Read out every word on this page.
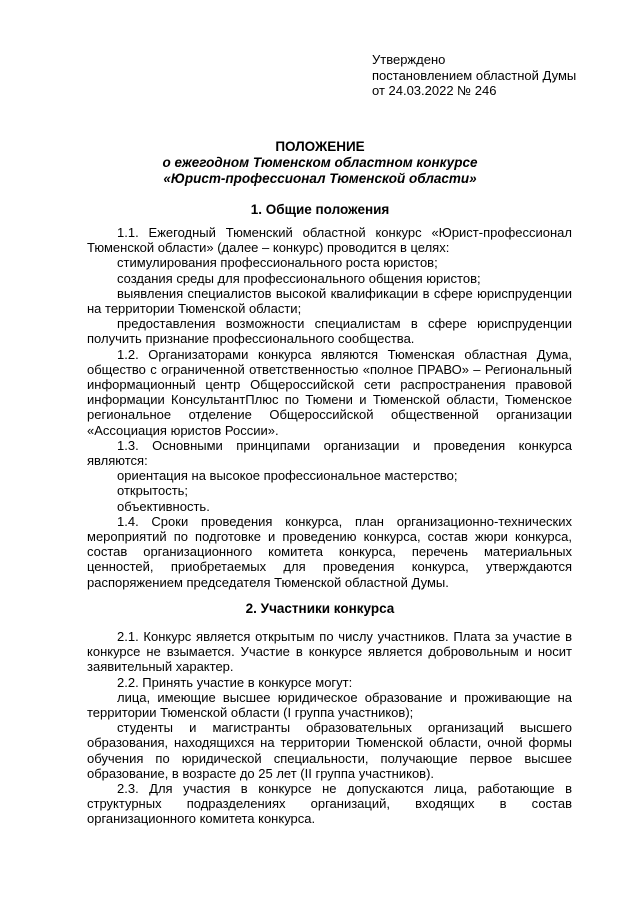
Утверждено
постановлением областной Думы
от 24.03.2022 № 246
ПОЛОЖЕНИЕ
о ежегодном Тюменском областном конкурсе
«Юрист-профессионал Тюменской области»
1. Общие положения

1.1. Ежегодный Тюменский областной конкурс «Юрист-профессионал Тюменской области» (далее – конкурс) проводится в целях:

стимулирования профессионального роста юристов;

создания среды для профессионального общения юристов;

выявления специалистов высокой квалификации в сфере юриспруденции на территории Тюменской области;

предоставления возможности специалистам в сфере юриспруденции получить признание профессионального сообщества.

1.2. Организаторами конкурса являются Тюменская областная Дума, общество с ограниченной ответственностью «полное ПРАВО» – Региональный информационный центр Общероссийской сети распространения правовой информации КонсультантПлюс по Тюмени и Тюменской области, Тюменское региональное отделение Общероссийской общественной организации «Ассоциация юристов России».

1.3. Основными принципами организации и проведения конкурса являются:

ориентация на высокое профессиональное мастерство;

открытость;

объективность.

1.4. Сроки проведения конкурса, план организационно-технических мероприятий по подготовке и проведению конкурса, состав жюри конкурса, состав организационного комитета конкурса, перечень материальных ценностей, приобретаемых для проведения конкурса, утверждаются распоряжением председателя Тюменской областной Думы.

2. Участники конкурса

2.1. Конкурс является открытым по числу участников. Плата за участие в конкурсе не взымается. Участие в конкурсе является добровольным и носит заявительный характер.

2.2. Принять участие в конкурсе могут:

лица, имеющие высшее юридическое образование и проживающие на территории Тюменской области (I группа участников);

студенты и магистранты образовательных организаций высшего образования, находящихся на территории Тюменской области, очной формы обучения по юридической специальности, получающие первое высшее образование, в возрасте до 25 лет (II группа участников).

2.3. Для участия в конкурсе не допускаются лица, работающие в структурных подразделениях организаций, входящих в состав организационного комитета конкурса.
